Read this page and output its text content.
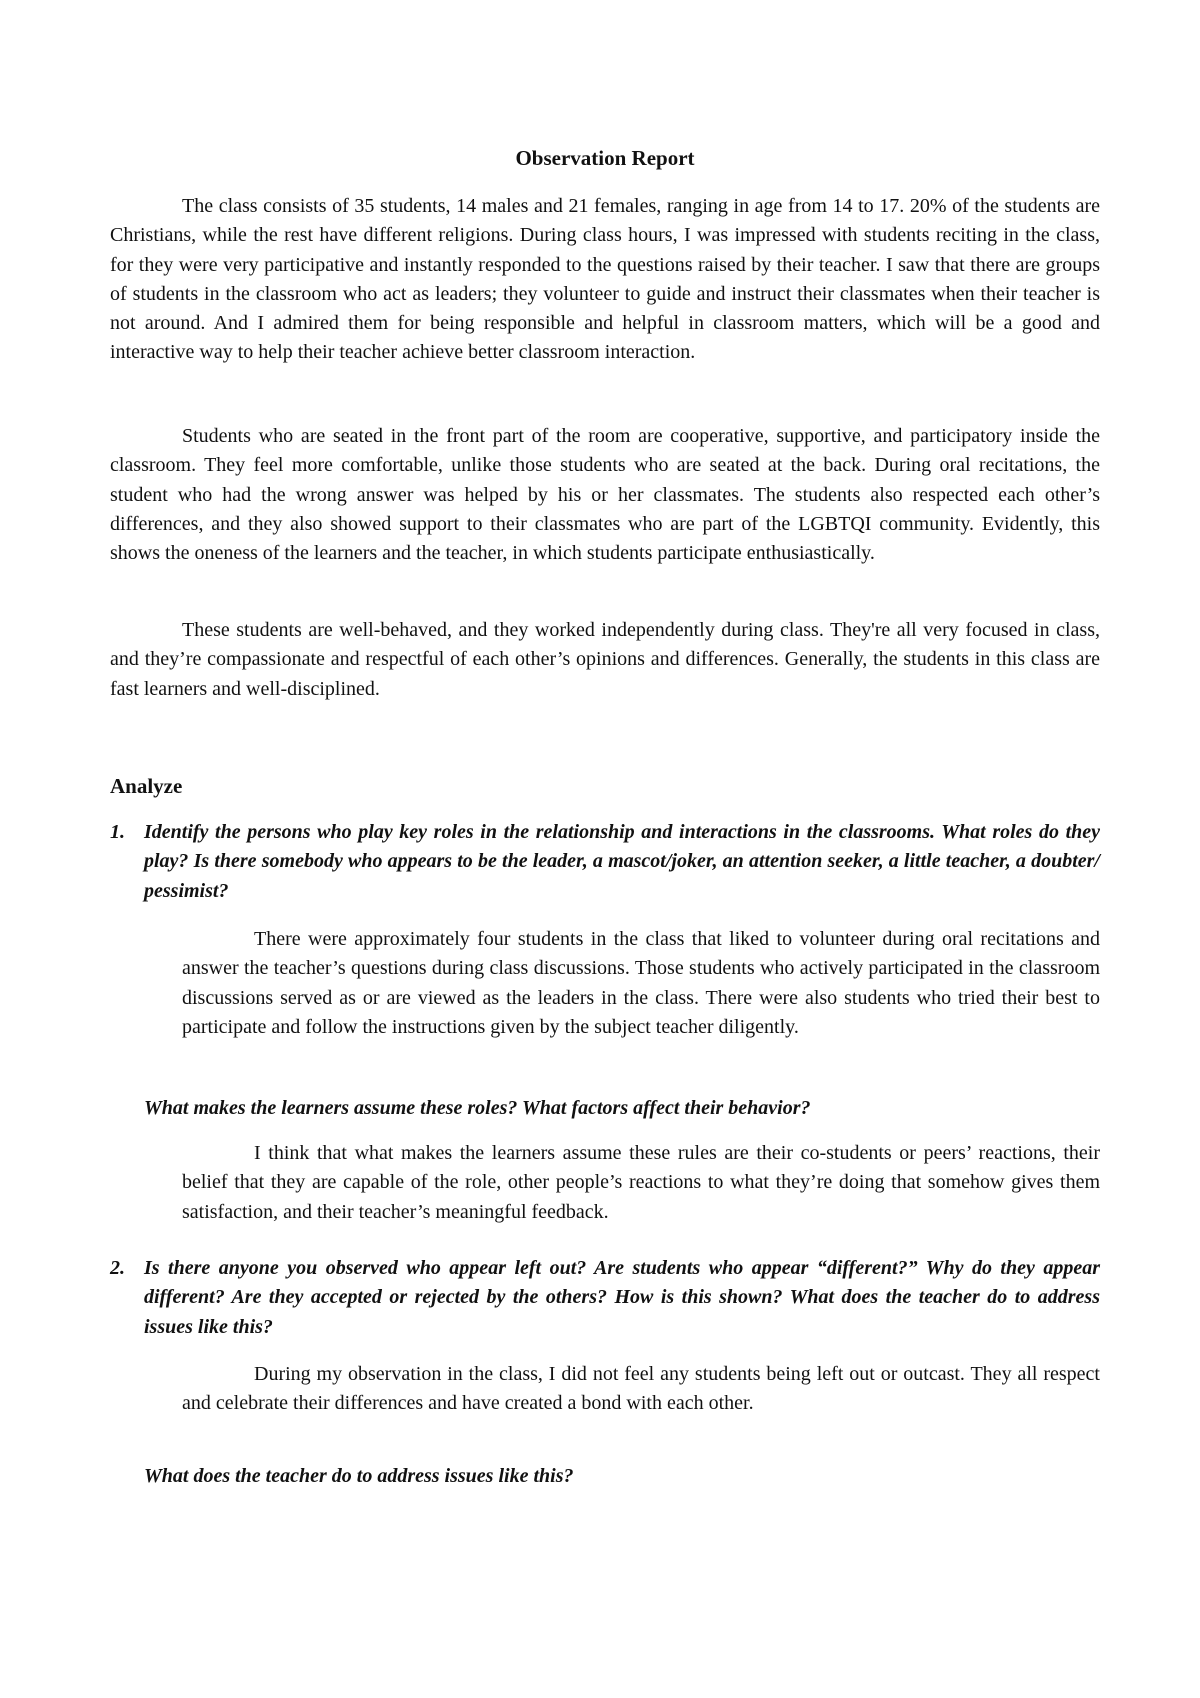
Observation Report

The class consists of 35 students, 14 males and 21 females, ranging in age from 14 to 17. 20% of the students are Christians, while the rest have different religions. During class hours, I was impressed with students reciting in the class, for they were very participative and instantly responded to the questions raised by their teacher. I saw that there are groups of students in the classroom who act as leaders; they volunteer to guide and instruct their classmates when their teacher is not around. And I admired them for being responsible and helpful in classroom matters, which will be a good and interactive way to help their teacher achieve better classroom interaction.

Students who are seated in the front part of the room are cooperative, supportive, and participatory inside the classroom. They feel more comfortable, unlike those students who are seated at the back. During oral recitations, the student who had the wrong answer was helped by his or her classmates. The students also respected each other’s differences, and they also showed support to their classmates who are part of the LGBTQI community. Evidently, this shows the oneness of the learners and the teacher, in which students participate enthusiastically.

These students are well-behaved, and they worked independently during class. They're all very focused in class, and they’re compassionate and respectful of each other’s opinions and differences. Generally, the students in this class are fast learners and well-disciplined.

Analyze
1. Identify the persons who play key roles in the relationship and interactions in the classrooms. What roles do they play? Is there somebody who appears to be the leader, a mascot/joker, an attention seeker, a little teacher, a doubter/ pessimist?

There were approximately four students in the class that liked to volunteer during oral recitations and answer the teacher’s questions during class discussions. Those students who actively participated in the classroom discussions served as or are viewed as the leaders in the class. There were also students who tried their best to participate and follow the instructions given by the subject teacher diligently.

What makes the learners assume these roles? What factors affect their behavior?

I think that what makes the learners assume these rules are their co-students or peers’ reactions, their belief that they are capable of the role, other people’s reactions to what they’re doing that somehow gives them satisfaction, and their teacher’s meaningful feedback.

2. Is there anyone you observed who appear left out? Are students who appear “different?” Why do they appear different? Are they accepted or rejected by the others? How is this shown? What does the teacher do to address issues like this?

During my observation in the class, I did not feel any students being left out or outcast. They all respect and celebrate their differences and have created a bond with each other.

What does the teacher do to address issues like this?
